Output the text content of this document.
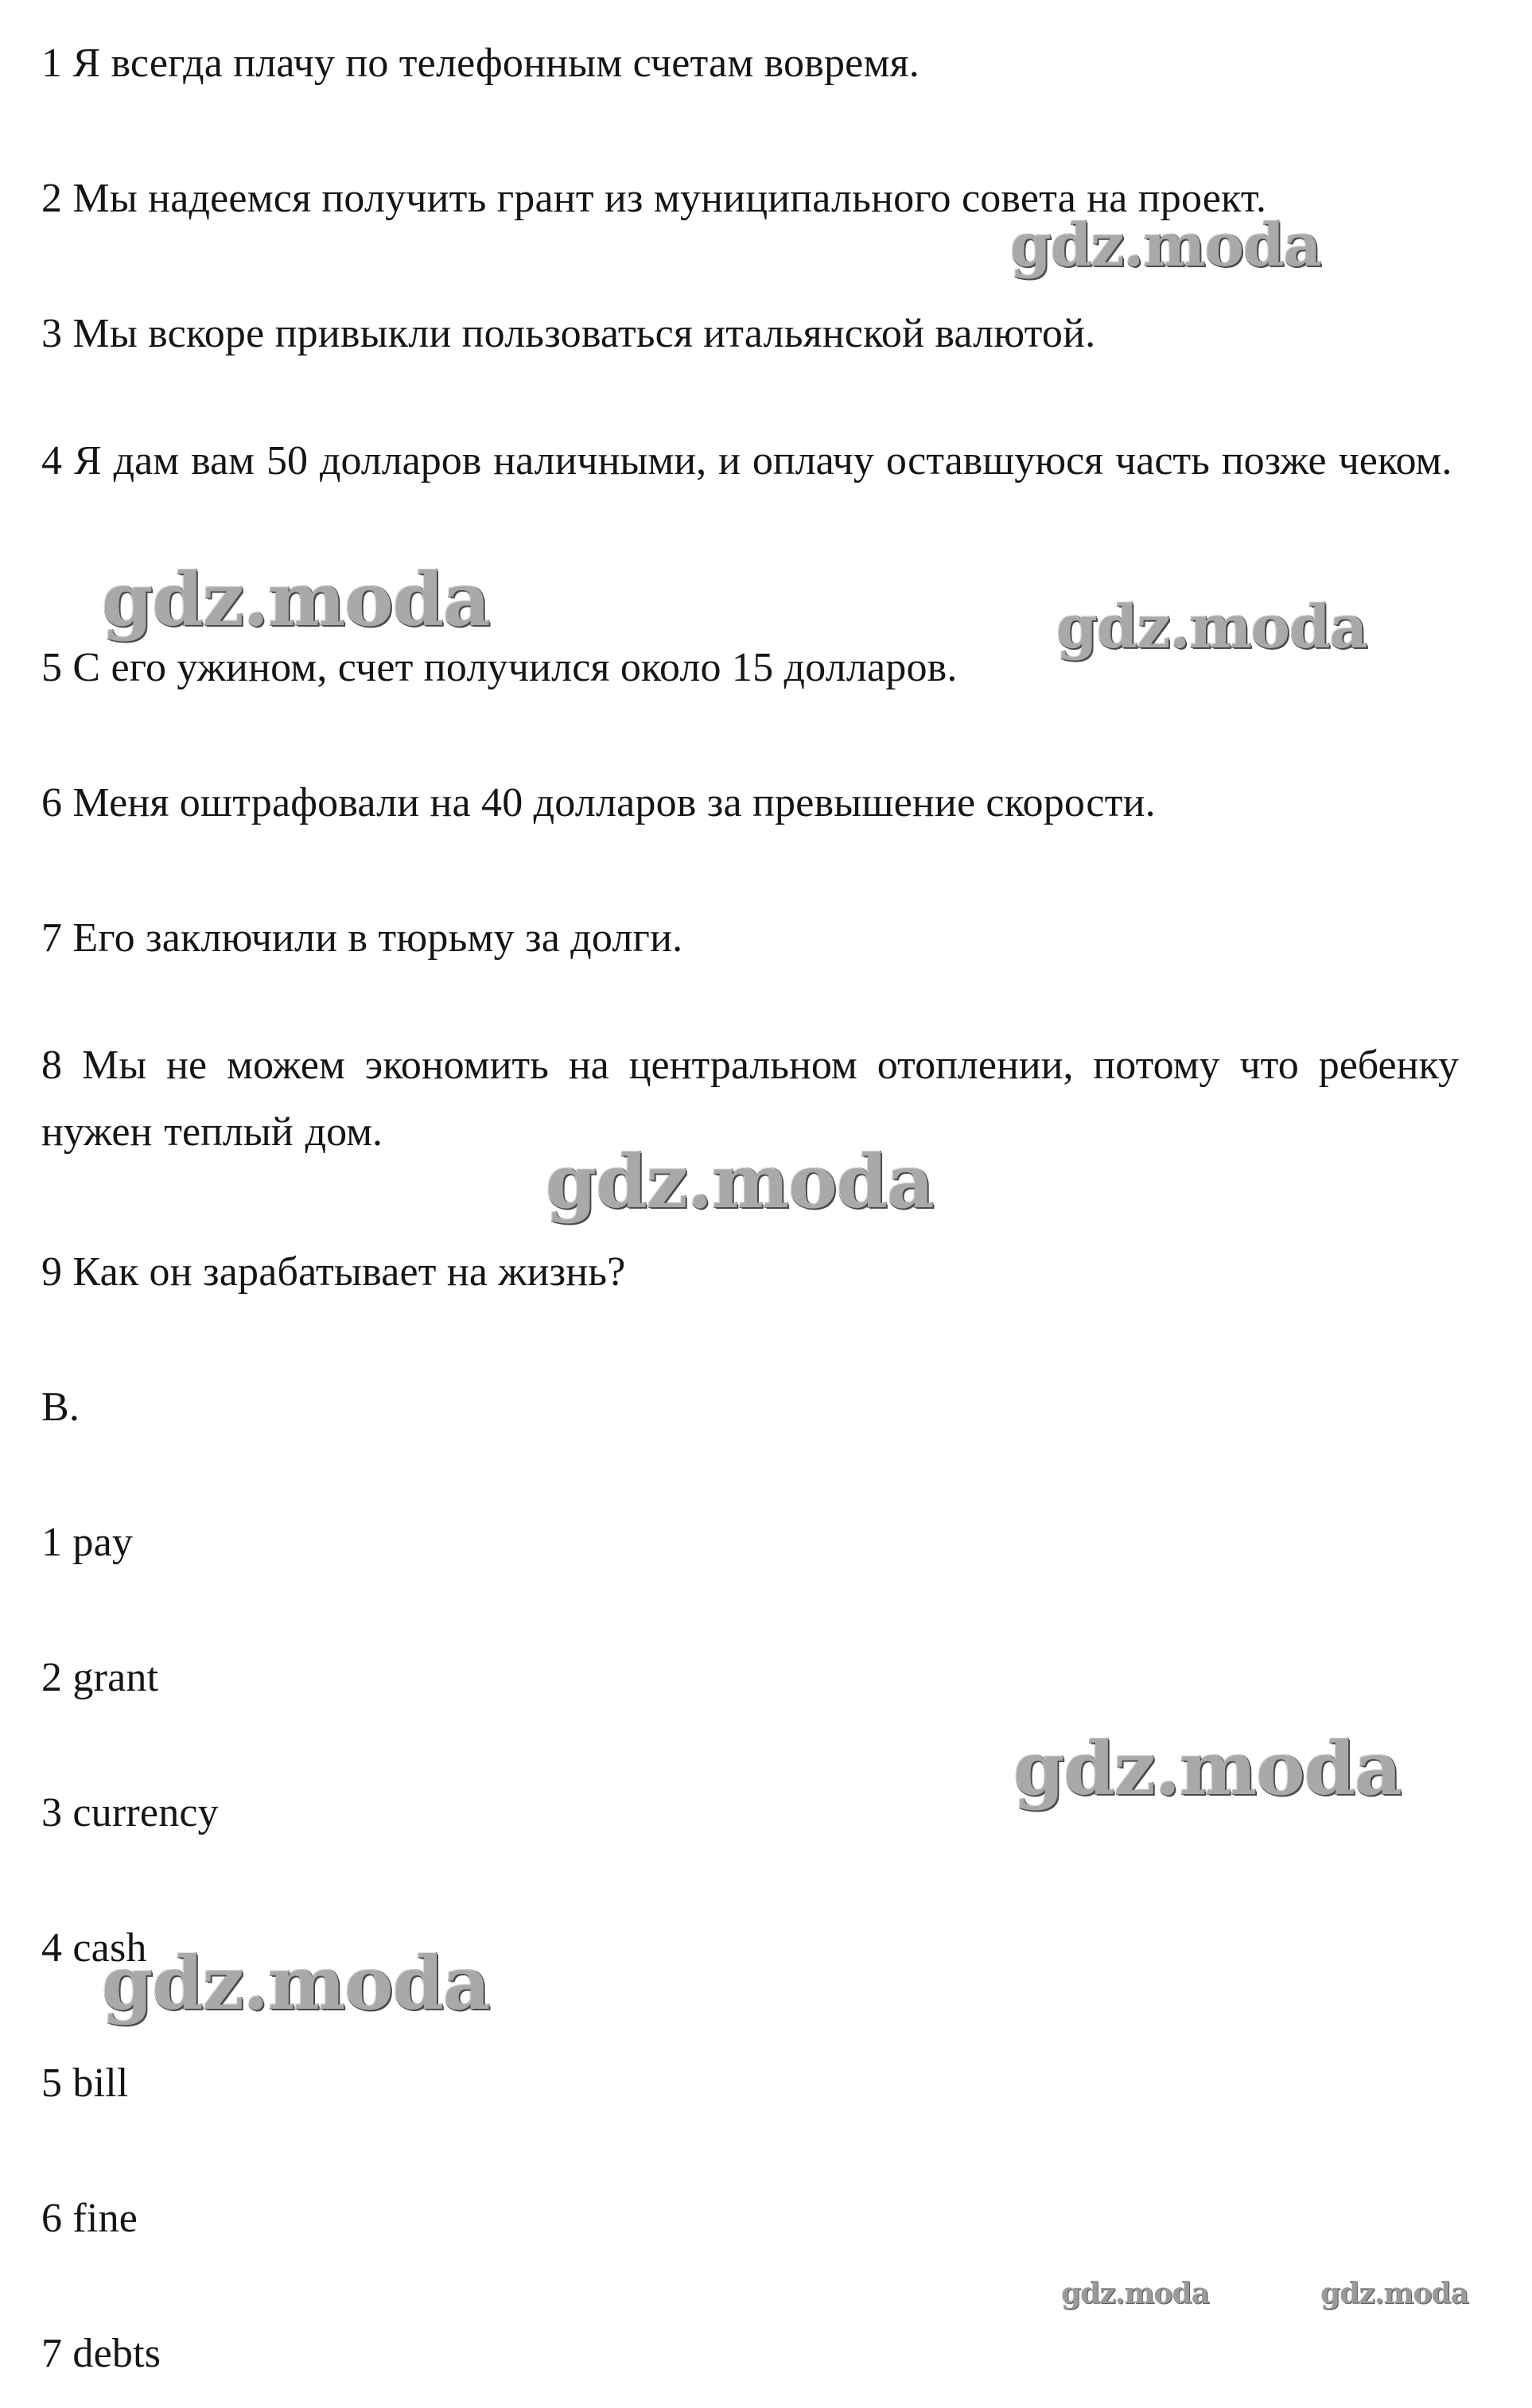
1 Я всегда плачу по телефонным счетам вовремя.
2 Мы надеемся получить грант из муниципального совета на проект.
3 Мы вскоре привыкли пользоваться итальянской валютой.
4 Я дам вам 50 долларов наличными, и оплачу оставшуюся часть позже чеком.
5 С его ужином, счет получился около 15 долларов.
6 Меня оштрафовали на 40 долларов за превышение скорости.
7 Его заключили в тюрьму за долги.
8 Мы не можем экономить на центральном отоплении, потому что ребенку нужен теплый дом.
9 Как он зарабатывает на жизнь?
B.
1 pay
2 grant
3 currency
4 cash
5 bill
6 fine
7 debts
gdz.moda
gdz.moda	gdz.moda
gdz.moda
gdz.moda
gdz.moda
gdz.moda	gdz.moda
